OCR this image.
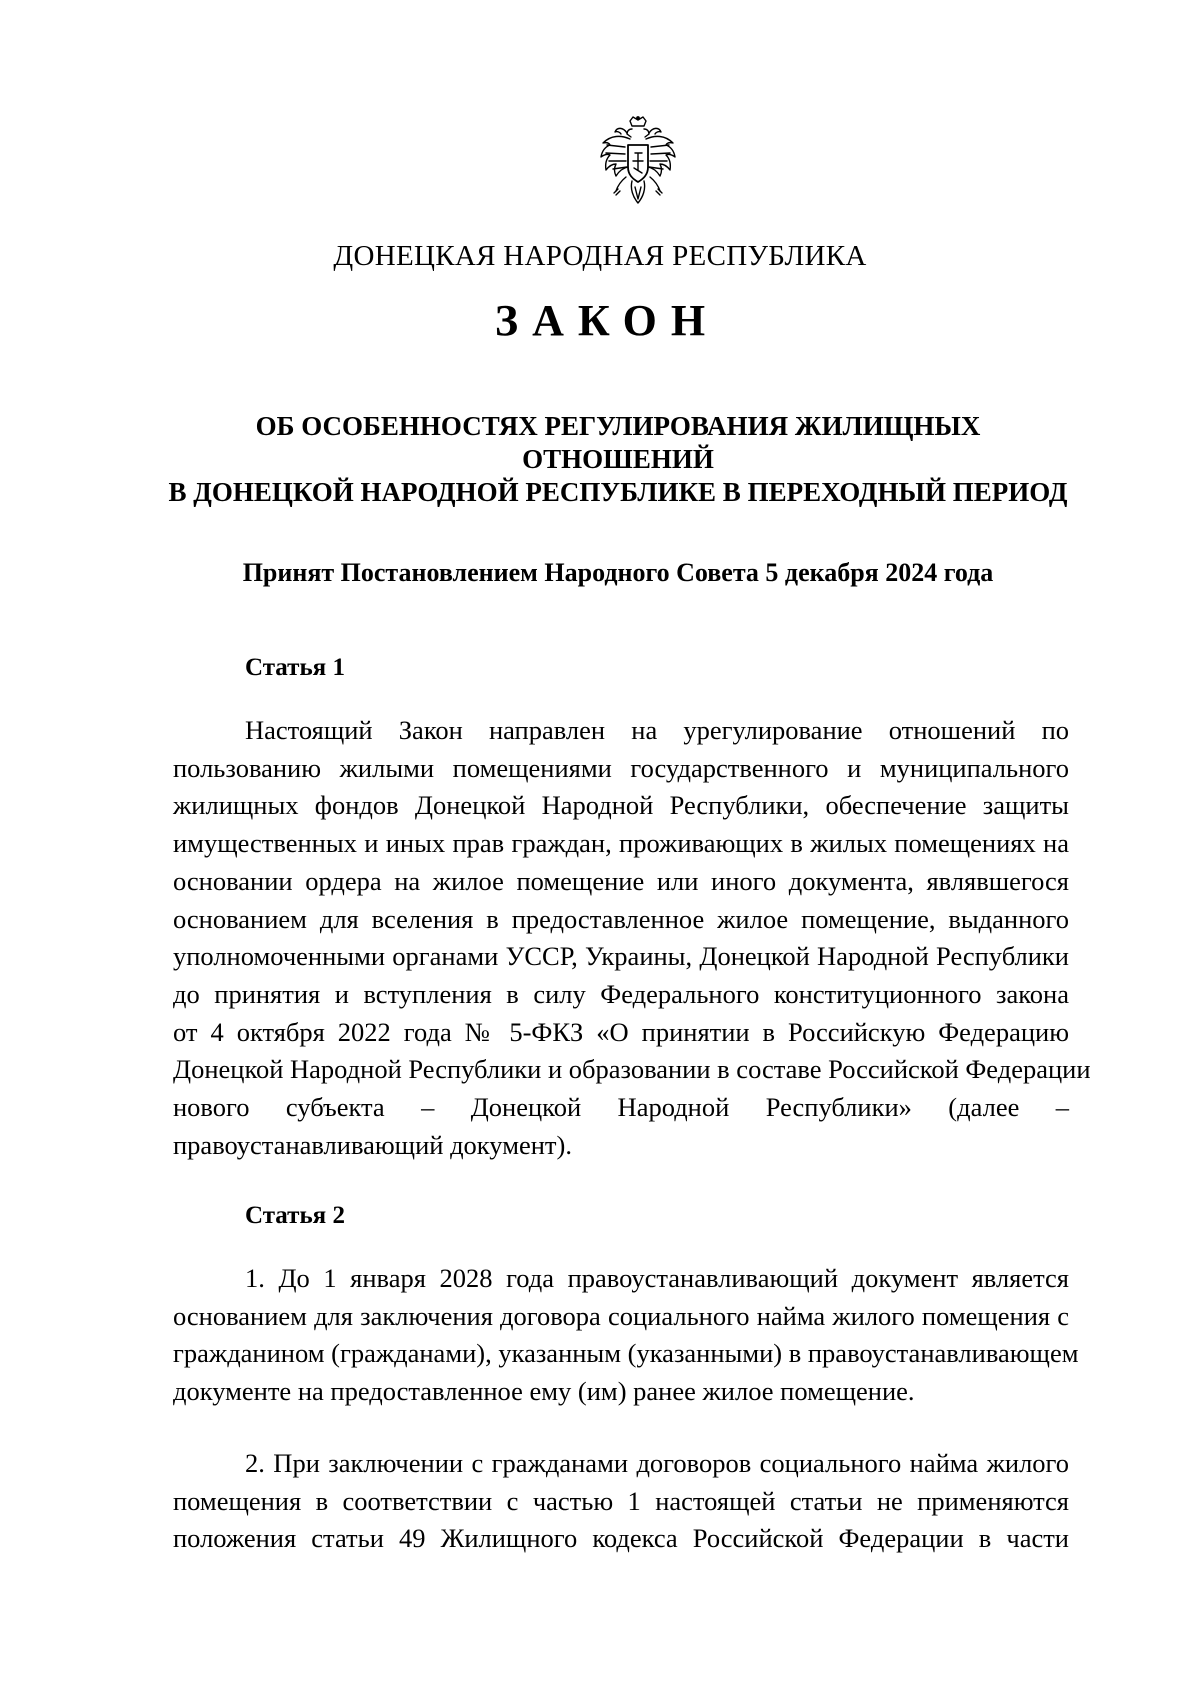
ДОНЕЦКАЯ НАРОДНАЯ РЕСПУБЛИКА
ЗАКОН
ОБ ОСОБЕННОСТЯХ РЕГУЛИРОВАНИЯ ЖИЛИЩНЫХ ОТНОШЕНИЙ
В ДОНЕЦКОЙ НАРОДНОЙ РЕСПУБЛИКЕ В ПЕРЕХОДНЫЙ ПЕРИОД
Принят Постановлением Народного Совета 5 декабря 2024 года
Статья 1
Настоящий Закон направлен на урегулирование отношений по
пользованию жилыми помещениями государственного и муниципального
жилищных фондов Донецкой Народной Республики, обеспечение защиты
имущественных и иных прав граждан, проживающих в жилых помещениях на
основании ордера на жилое помещение или иного документа, являвшегося
основанием для вселения в предоставленное жилое помещение, выданного
уполномоченными органами УССР, Украины, Донецкой Народной Республики
до принятия и вступления в силу Федерального конституционного закона
от 4 октября 2022 года № 5-ФКЗ «О принятии в Российскую Федерацию
Донецкой Народной Республики и образовании в составе Российской Федерации
нового субъекта – Донецкой Народной Республики» (далее –
правоустанавливающий документ).
Статья 2
1. До 1 января 2028 года правоустанавливающий документ является
основанием для заключения договора социального найма жилого помещения с
гражданином (гражданами), указанным (указанными) в правоустанавливающем
документе на предоставленное ему (им) ранее жилое помещение.
2. При заключении с гражданами договоров социального найма жилого
помещения в соответствии с частью 1 настоящей статьи не применяются
положения статьи 49 Жилищного кодекса Российской Федерации в части
